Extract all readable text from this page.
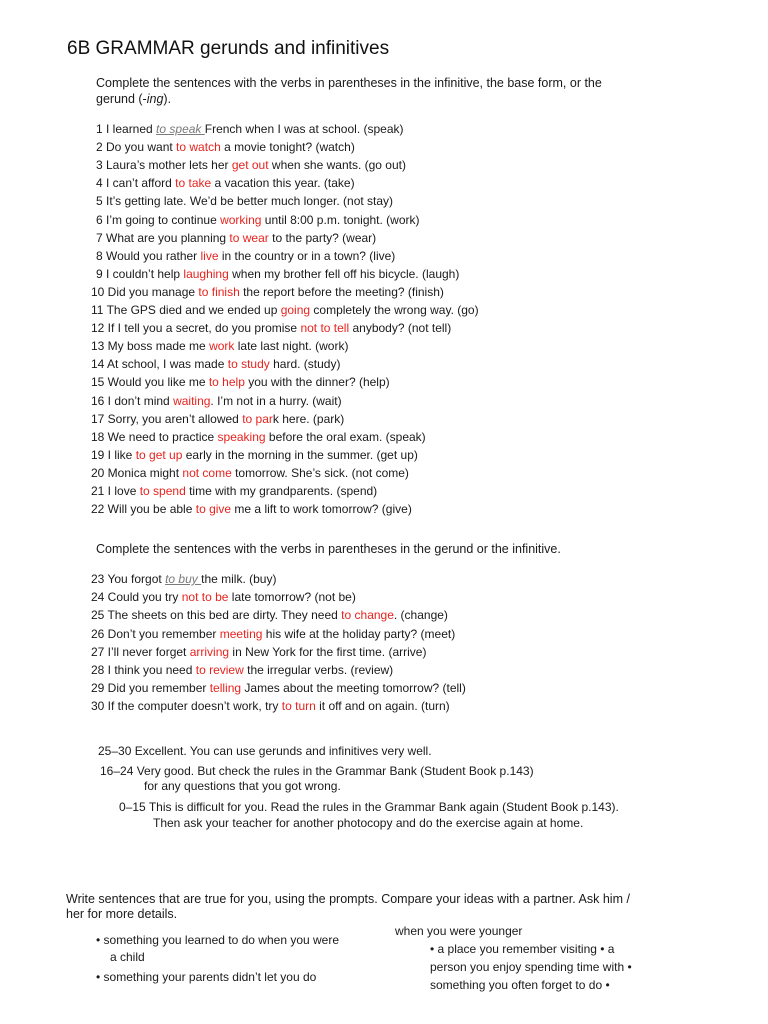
6B GRAMMAR gerunds and infinitives
Complete the sentences with the verbs in parentheses in the infinitive, the base form, or the
gerund (-ing).
1 I learned to speak French when I was at school. (speak)
2 Do you want to watch a movie tonight? (watch)
3 Laura’s mother lets her get out when she wants. (go out)
4 I can’t afford to take a vacation this year. (take)
5 It’s getting late. We’d be better much longer. (not stay)
6 I’m going to continue working until 8:00 p.m. tonight. (work)
7 What are you planning to wear to the party? (wear)
8 Would you rather live in the country or in a town? (live)
9 I couldn’t help laughing when my brother fell off his bicycle. (laugh)
10 Did you manage to finish the report before the meeting? (finish)
11 The GPS died and we ended up going completely the wrong way. (go)
12 If I tell you a secret, do you promise not to tell anybody? (not tell)
13 My boss made me work late last night. (work)
14 At school, I was made to study hard. (study)
15 Would you like me to help you with the dinner? (help)
16 I don’t mind waiting. I’m not in a hurry. (wait)
17 Sorry, you aren’t allowed to park here. (park)
18 We need to practice speaking before the oral exam. (speak)
19 I like to get up early in the morning in the summer. (get up)
20 Monica might not come tomorrow. She’s sick. (not come)
21 I love to spend time with my grandparents. (spend)
22 Will you be able to give me a lift to work tomorrow? (give)
Complete the sentences with the verbs in parentheses in the gerund or the infinitive.
23 You forgot to buy the milk. (buy)
24 Could you try not to be late tomorrow? (not be)
25 The sheets on this bed are dirty. They need to change. (change)
26 Don’t you remember meeting his wife at the holiday party? (meet)
27 I’ll never forget arriving in New York for the first time. (arrive)
28 I think you need to review the irregular verbs. (review)
29 Did you remember telling James about the meeting tomorrow? (tell)
30 If the computer doesn’t work, try to turn it off and on again. (turn)
25–30 Excellent. You can use gerunds and infinitives very well.
16–24 Very good. But check the rules in the Grammar Bank (Student Book p.143)
for any questions that you got wrong.
0–15 This is difficult for you. Read the rules in the Grammar Bank again (Student Book p.143).
Then ask your teacher for another photocopy and do the exercise again at home.
Write sentences that are true for you, using the prompts. Compare your ideas with a partner. Ask him /
her for more details.
• something you learned to do when you were
a child
• something your parents didn’t let you do
when you were younger
• a place you remember visiting • a
person you enjoy spending time with •
something you often forget to do •
